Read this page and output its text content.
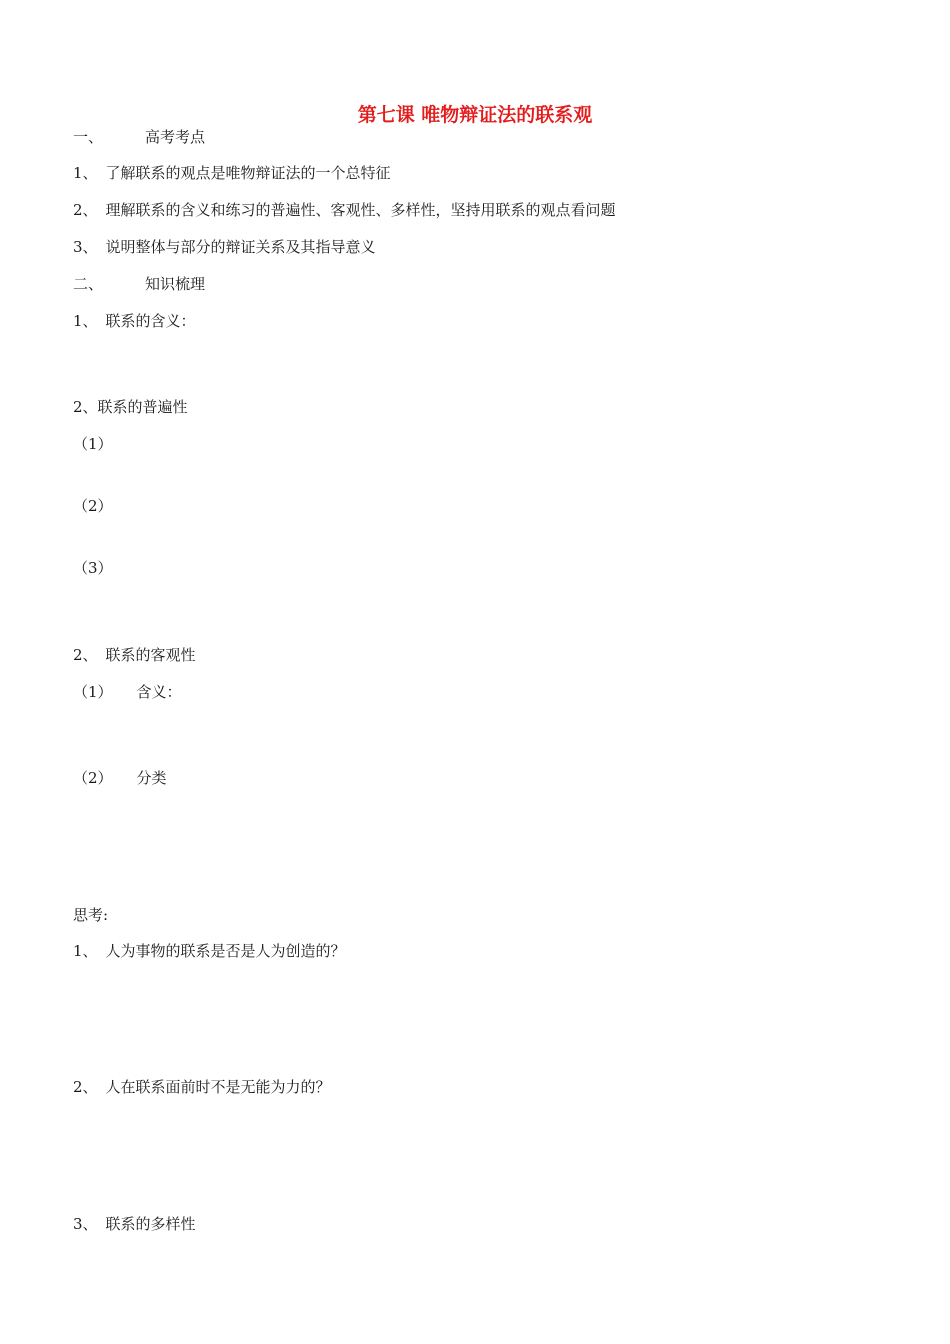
第七课 唯物辩证法的联系观
一、	高考考点
1、 了解联系的观点是唯物辩证法的一个总特征
2、 理解联系的含义和练习的普遍性、客观性、多样性，坚持用联系的观点看问题
3、 说明整体与部分的辩证关系及其指导意义
二、	知识梳理
1、 联系的含义：
2、联系的普遍性
（1）
（2）
（3）
2、 联系的客观性
（1） 含义：
（2） 分类
思考:
1、 人为事物的联系是否是人为创造的？
2、 人在联系面前时不是无能为力的？
3、 联系的多样性
